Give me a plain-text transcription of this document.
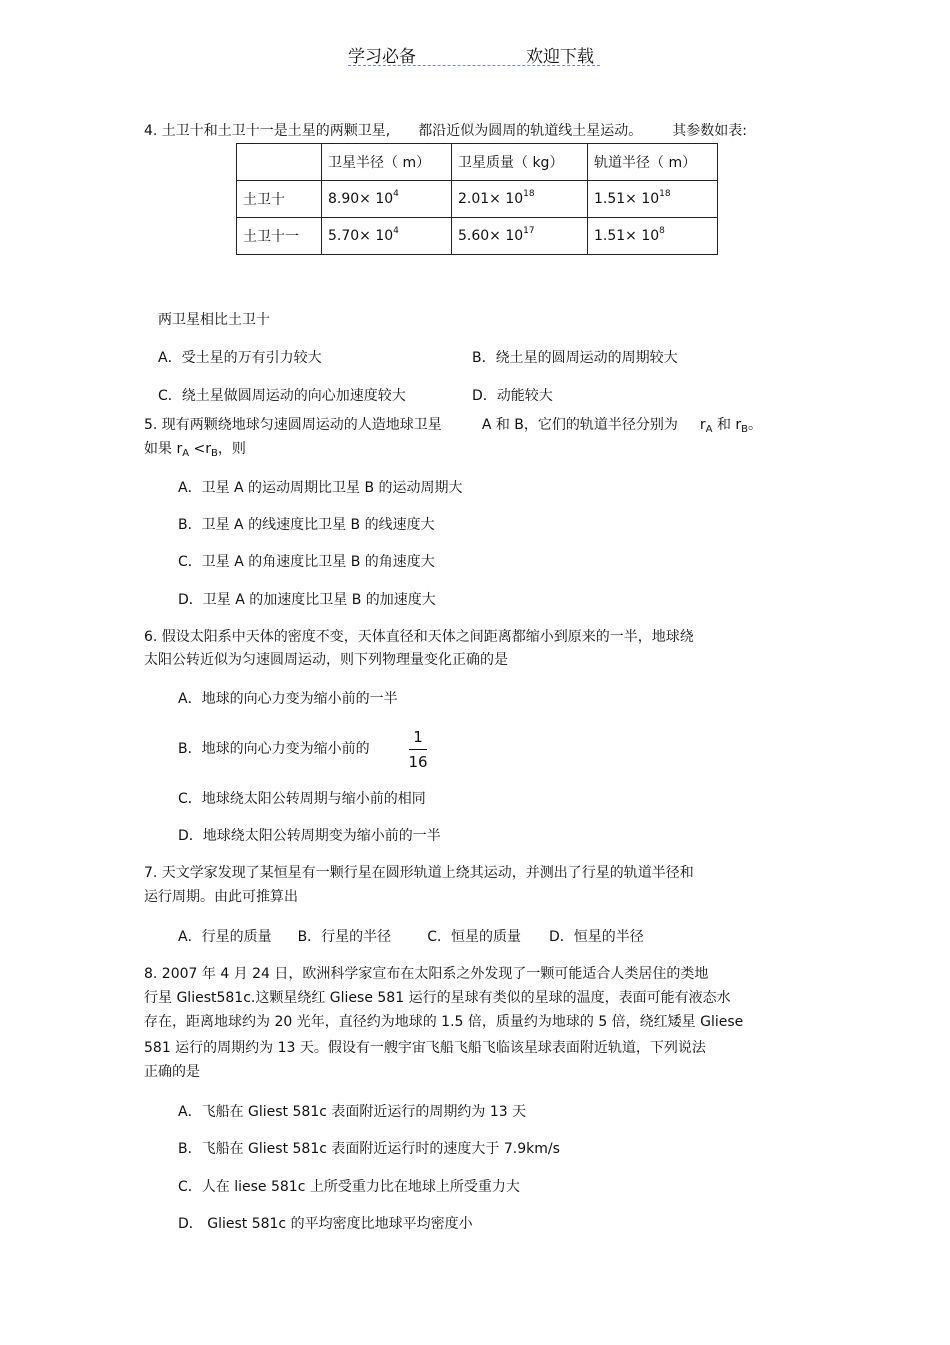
学习必备	欢迎下载
4. 土卫十和土卫十一是土星的两颗卫星, 都沿近似为圆周的轨道线土星运动。 其参数如表:
	卫星半径（ m）	卫星质量（ kg）	轨道半径（ m）
土卫十	$8.90\times 10^4$	$2.01\times 10^{18}$	$1.51\times 10^{18}$
土卫十一	$5.70\times 10^4$	$5.60\times 10^{17}$	$1.51\times 10^8$
两卫星相比土卫十
A．受土星的万有引力较大	B．绕土星的圆周运动的周期较大
C．绕土星做圆周运动的向心加速度较大	D．动能较大
5. 现有两颗绕地球匀速圆周运动的人造地球卫星	A 和 B，它们的轨道半径分别为 $r_A$ 和 $r_B$。
如果 $r_A <r_B$，则
A．卫星 A 的运动周期比卫星 B 的运动周期大
B．卫星 A 的线速度比卫星 B 的线速度大
C．卫星 A 的角速度比卫星 B 的角速度大
D．卫星 A 的加速度比卫星 B 的加速度大
6. 假设太阳系中天体的密度不变，天体直径和天体之间距离都缩小到原来的一半，地球绕
太阳公转近似为匀速圆周运动，则下列物理量变化正确的是
A．地球的向心力变为缩小前的一半
B．地球的向心力变为缩小前的
1
16
C．地球绕太阳公转周期与缩小前的相同
D．地球绕太阳公转周期变为缩小前的一半
7. 天文学家发现了某恒星有一颗行星在圆形轨道上绕其运动，并测出了行星的轨道半径和
运行周期。由此可推算出
A．行星的质量 B．行星的半径	C．恒星的质量 D．恒星的半径
8. 2007 年 4 月 24 日，欧洲科学家宣布在太阳系之外发现了一颗可能适合人类居住的类地
行星 Gliest581c.这颗星绕红 Gliese 581 运行的星球有类似的星球的温度，表面可能有液态水
存在，距离地球约为 20 光年，直径约为地球的 1.5 倍，质量约为地球的 5 倍，绕红矮星 Gliese
581 运行的周期约为 13 天。假设有一艘宇宙飞船飞船飞临该星球表面附近轨道，下列说法
正确的是
A．飞船在 Gliest 581c 表面附近运行的周期约为 13 天
B．飞船在 Gliest 581c 表面附近运行时的速度大于 7.9km/s
C．人在 liese 581c 上所受重力比在地球上所受重力大
D． Gliest 581c 的平均密度比地球平均密度小
